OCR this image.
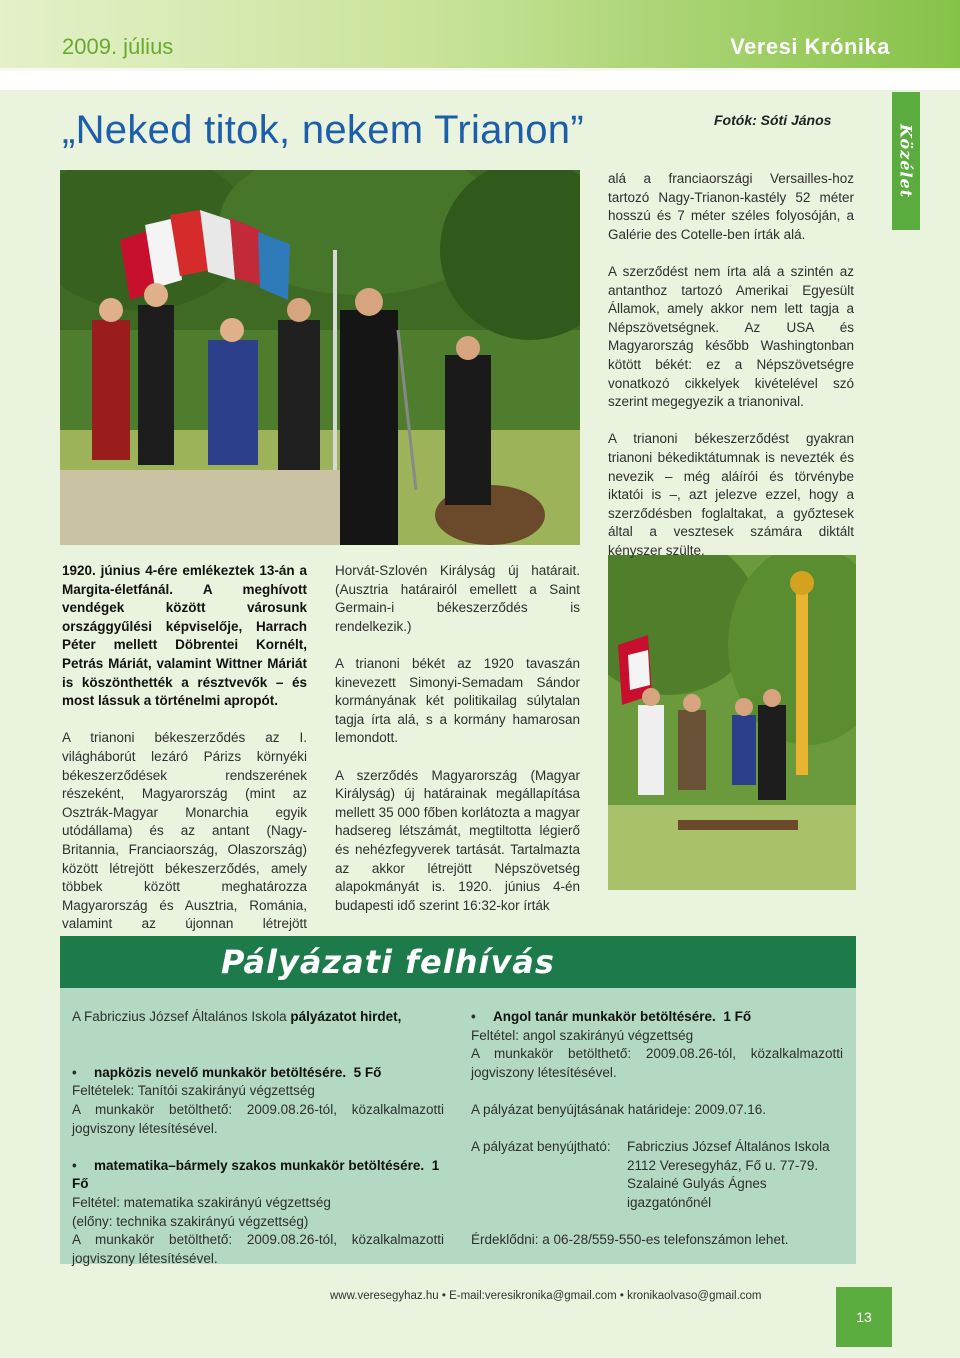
2009. július	Veresi Krónika
Közélet
„Neked titok, nekem Trianon”	Fotók: Sóti János

1920. június 4-ére emlékeztek 13-án a Margita-életfánál. A meghívott vendégek között városunk országgyűlési képviselője, Harrach Péter mellett Döbrentei Kornélt, Petrás Máriát, valamint Wittner Máriát is köszönthették a résztvevők – és most lássuk a történelmi apropót.

A trianoni békeszerződés az I. világháborút lezáró Párizs környéki békeszerződések rendszerének részeként, Magyarország (mint az Osztrák-Magyar Monarchia egyik utódállama) és az antant (Nagy-Britannia, Franciaország, Olaszország) között létrejött békeszerződés, amely többek között meghatározza Magyarország és Ausztria, Románia, valamint az újonnan létrejött

Horvát-Szlovén Királyság új határait. (Ausztria határairól emellett a Saint Germain-i békeszerződés is rendelkezik.)

A trianoni békét az 1920 tavaszán kinevezett Simonyi-Semadam Sándor kormányának két politikailag súlytalan tagja írta alá, s a kormány hamarosan lemondott.

A szerződés Magyarország (Magyar Királyság) új határainak megállapítása mellett 35 000 főben korlátozta a magyar hadsereg létszámát, megtiltotta légierő és nehézfegyverek tartását. Tartalmazta az akkor létrejött Népszövetség alapokmányát is. 1920. június 4-én budapesti idő szerint 16:32-kor írták

alá a franciaországi Versailles-hoz tartozó Nagy-Trianon-kastély 52 méter hosszú és 7 méter széles folyosóján, a Galérie des Cotelle-ben írták alá.

A szerződést nem írta alá a szintén az antanthoz tartozó Amerikai Egyesült Államok, amely akkor nem lett tagja a Népszövetségnek. Az USA és Magyarország később Washingtonban kötött békét: ez a Népszövetségre vonatkozó cikkelyek kivételével szó szerint megegyezik a trianonival.

A trianoni békeszerződést gyakran trianoni békediktátumnak is nevezték és nevezik – még aláírói és törvénybe iktatói is –, azt jelezve ezzel, hogy a szerződésben foglaltakat, a győztesek által a vesztesek számára diktált kényszer szülte.

Pályázati felhívás

A Fabriczius József Általános Iskola pályázatot hirdet,

• napközis nevelő munkakör betöltésére. 5 Fő

Feltételek: Tanítói szakirányú végzettség

A munkakör betölthető: 2009.08.26-tól, közalkalmazotti jogviszony létesítésével.

• matematika–bármely szakos munkakör betöltésére. 1 Fő

Feltétel: matematika szakirányú végzettség

(előny: technika szakirányú végzettség)

A munkakör betölthető: 2009.08.26-tól, közalkalmazotti jogviszony létesítésével.

• Angol tanár munkakör betöltésére. 1 Fő

Feltétel: angol szakirányú végzettség

A munkakör betölthető: 2009.08.26-tól, közalkalmazotti jogviszony létesítésével.

A pályázat benyújtásának határideje: 2009.07.16.

A pályázat benyújtható:	Fabriczius József Általános Iskola

2112 Veresegyház, Fő u. 77-79.

Szalainé Gulyás Ágnes

igazgatónőnél

Érdeklődni: a 06-28/559-550-es telefonszámon lehet.

www.veresegyhaz.hu • E-mail:veresikronika@gmail.com • kronikaolvaso@gmail.com
13
